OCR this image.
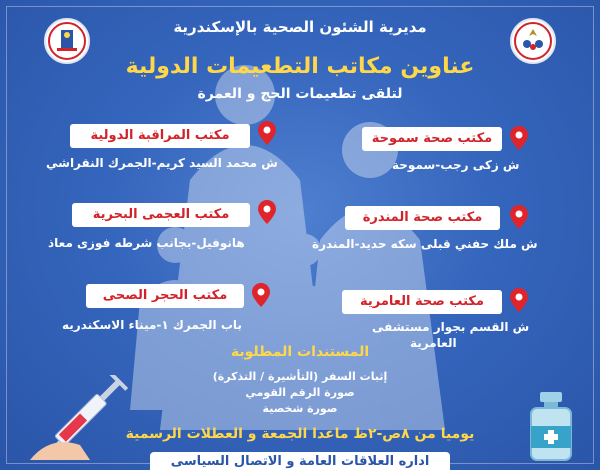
مديرية الشئون الصحية بالإسكندرية
عناوين مكاتب التطعيمات الدولية
لتلقى تطعيمات الحج و العمرة
مكتب صحة سموحة
ش زكى رجب-سموحة
مكتب صحة المندرة
ش ملك حفني قبلى سكه حديد-المندرة
مكتب صحة العامرية
ش القسم بجوار مستشفى
العامرية
مكتب المراقبة الدولية
ش محمد السيد كريم-الجمرك النقراشي
مكتب العجمى البحرية
هانوفيل-بجانب شرطه فوزى معاذ
مكتب الحجر الصحى
باب الجمرك ١-ميناء الاسكندريه
المستندات المطلوبة
إثبات السفر (التأشيرة / التذكرة)
صورة الرقم القومي
صورة شخصية
يوميا من ٨ص-٢ظ ماعدا الجمعة و العطلات الرسمية
اداره العلاقات العامة و الاتصال السياسى
